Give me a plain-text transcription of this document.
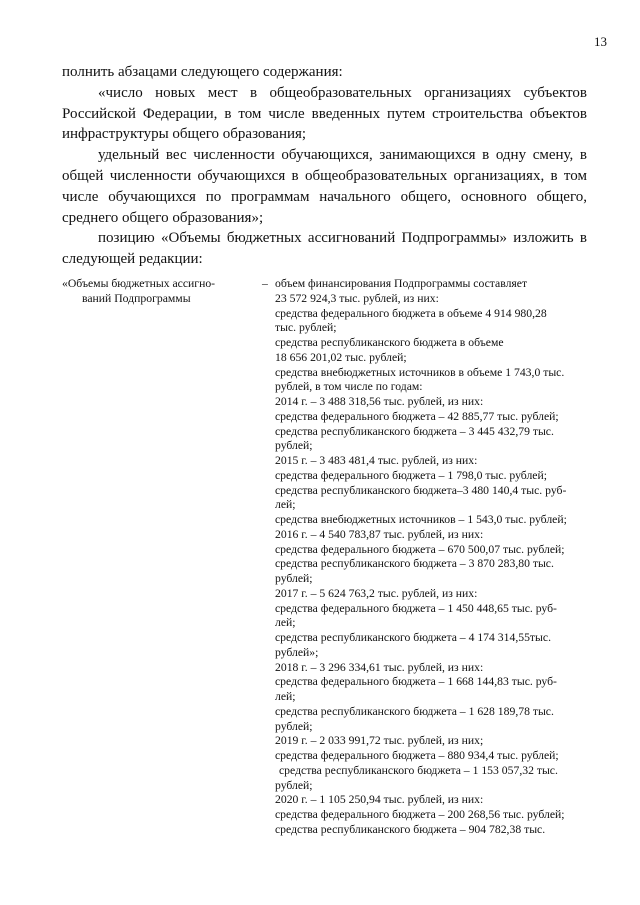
13

полнить абзацами следующего содержания:

«число новых мест в общеобразовательных организациях субъектов Российской Федерации, в том числе введенных путем строительства объектов инфраструктуры общего образования;

удельный вес численности обучающихся, занимающихся в одну смену, в общей численности обучающихся в общеобразовательных организациях, в том числе обучающихся по программам начального общего, основного общего, среднего общего образования»;

позицию «Объемы бюджетных ассигнований Подпрограммы» изложить в следующей редакции:

«Объемы бюджетных ассигно-
ваний Подпрограммы
– объем финансирования Подпрограммы составляет
23 572 924,3 тыс. рублей, из них:
средства федерального бюджета в объеме 4 914 980,28
тыс. рублей;
средства республиканского бюджета в объеме
18 656 201,02 тыс. рублей;
средства внебюджетных источников в объеме 1 743,0 тыс.
рублей, в том числе по годам:
2014 г. – 3 488 318,56 тыс. рублей, из них:
средства федерального бюджета – 42 885,77 тыс. рублей;
средства республиканского бюджета – 3 445 432,79 тыс.
рублей;
2015 г. – 3 483 481,4 тыс. рублей, из них:
средства федерального бюджета – 1 798,0 тыс. рублей;
средства республиканского бюджета–3 480 140,4 тыс. руб-
лей;
средства внебюджетных источников – 1 543,0 тыс. рублей;
2016 г. – 4 540 783,87 тыс. рублей, из них:
средства федерального бюджета – 670 500,07 тыс. рублей;
средства республиканского бюджета – 3 870 283,80 тыс.
рублей;
2017 г. – 5 624 763,2 тыс. рублей, из них:
средства федерального бюджета – 1 450 448,65 тыс. руб-
лей;
средства республиканского бюджета – 4 174 314,55тыс.
рублей»;
2018 г. – 3 296 334,61 тыс. рублей, из них:
средства федерального бюджета – 1 668 144,83 тыс. руб-
лей;
средства республиканского бюджета – 1 628 189,78 тыс.
рублей;
2019 г. – 2 033 991,72 тыс. рублей, из них;
средства федерального бюджета – 880 934,4 тыс. рублей;
средства республиканского бюджета – 1 153 057,32 тыс.
рублей;
2020 г. – 1 105 250,94 тыс. рублей, из них:
средства федерального бюджета – 200 268,56 тыс. рублей;
средства республиканского бюджета – 904 782,38 тыс.
